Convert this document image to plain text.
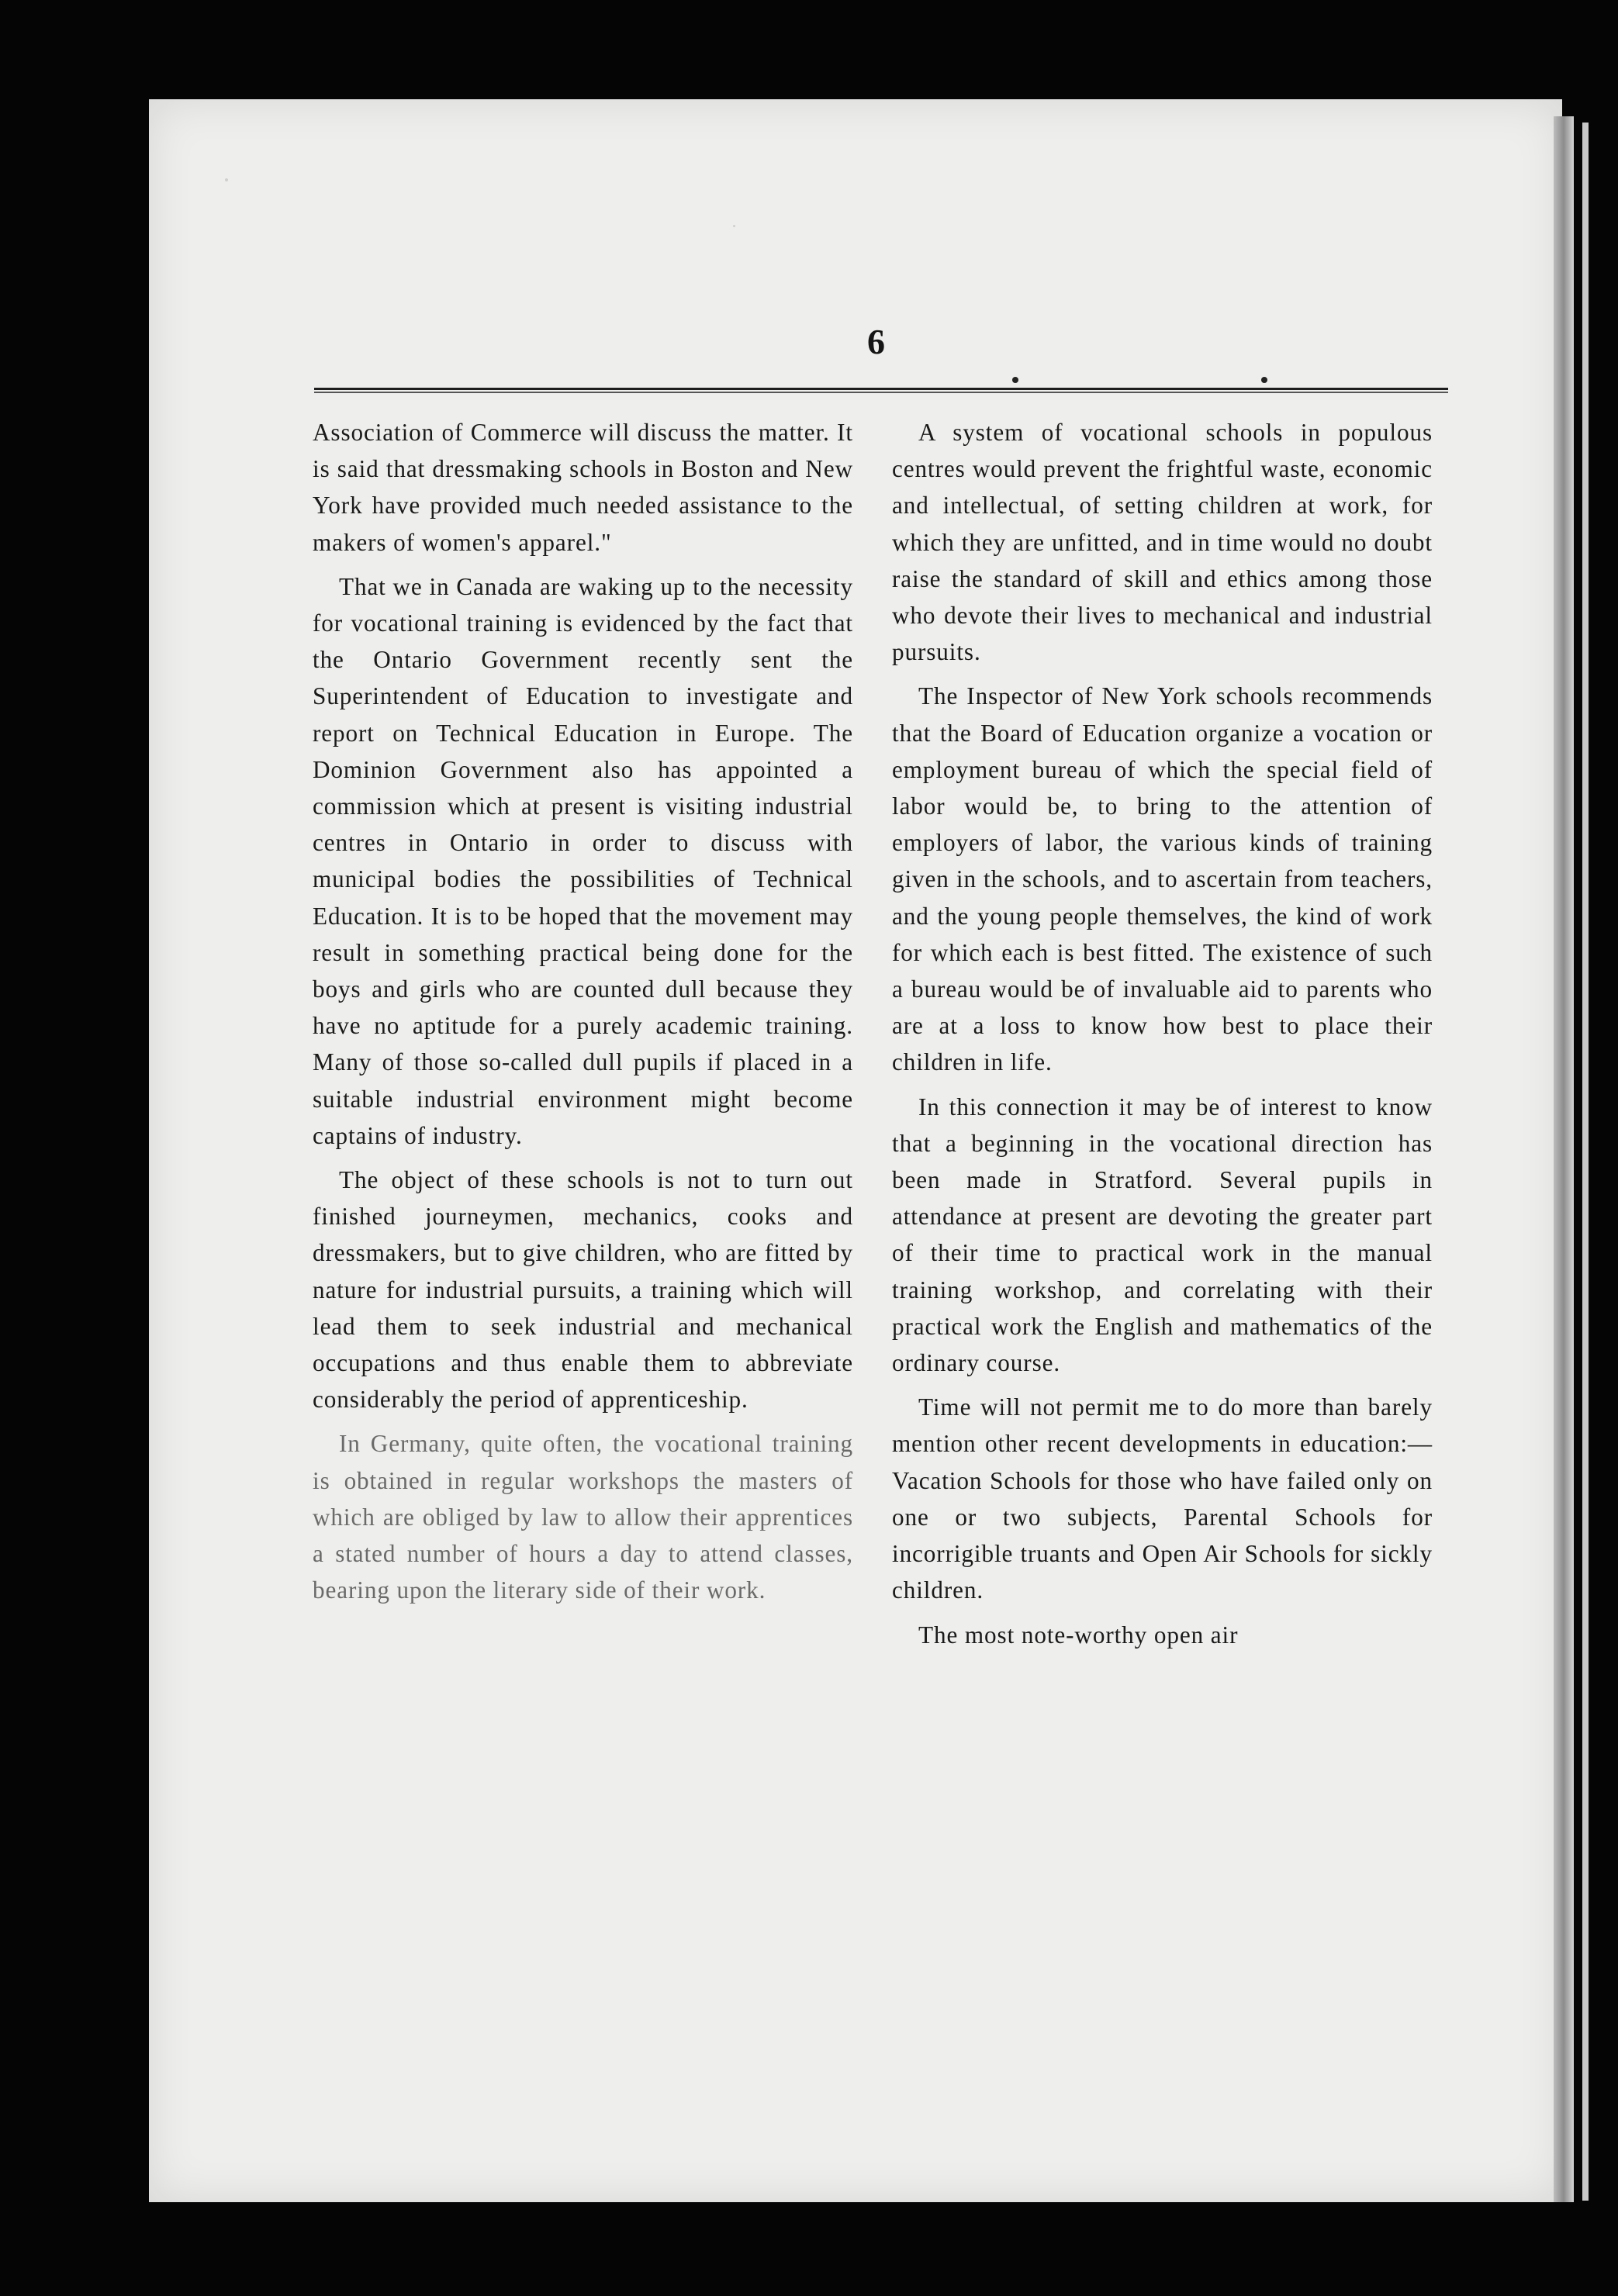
6

Association of Commerce will discuss the matter. It is said that dressmaking schools in Boston and New York have provided much needed assistance to the makers of women's apparel."

That we in Canada are waking up to the necessity for vocational training is evidenced by the fact that the Ontario Government recently sent the Superintendent of Education to investigate and report on Technical Education in Europe. The Dominion Government also has appointed a commission which at present is visiting industrial centres in Ontario in order to discuss with municipal bodies the possibilities of Technical Education. It is to be hoped that the movement may result in something practical being done for the boys and girls who are counted dull because they have no aptitude for a purely academic training. Many of those so-called dull pupils if placed in a suitable industrial environment might become captains of industry.

The object of these schools is not to turn out finished journeymen, mechanics, cooks and dressmakers, but to give children, who are fitted by nature for industrial pursuits, a training which will lead them to seek industrial and mechanical occupations and thus enable them to abbreviate considerably the period of apprenticeship.

In Germany, quite often, the vocational training is obtained in regular workshops the masters of which are obliged by law to allow their apprentices a stated number of hours a day to attend classes, bearing upon the literary side of their work.

A system of vocational schools in populous centres would prevent the frightful waste, economic and intellectual, of setting children at work, for which they are unfitted, and in time would no doubt raise the standard of skill and ethics among those who devote their lives to mechanical and industrial pursuits.

The Inspector of New York schools recommends that the Board of Education organize a vocation or employment bureau of which the special field of labor would be, to bring to the attention of employers of labor, the various kinds of training given in the schools, and to ascertain from teachers, and the young people themselves, the kind of work for which each is best fitted. The existence of such a bureau would be of invaluable aid to parents who are at a loss to know how best to place their children in life.

In this connection it may be of interest to know that a beginning in the vocational direction has been made in Stratford. Several pupils in attendance at present are devoting the greater part of their time to practical work in the manual training workshop, and correlating with their practical work the English and mathematics of the ordinary course.

Time will not permit me to do more than barely mention other recent developments in education:—Vacation Schools for those who have failed only on one or two subjects, Parental Schools for incorrigible truants and Open Air Schools for sickly children.

The most note-worthy open air
